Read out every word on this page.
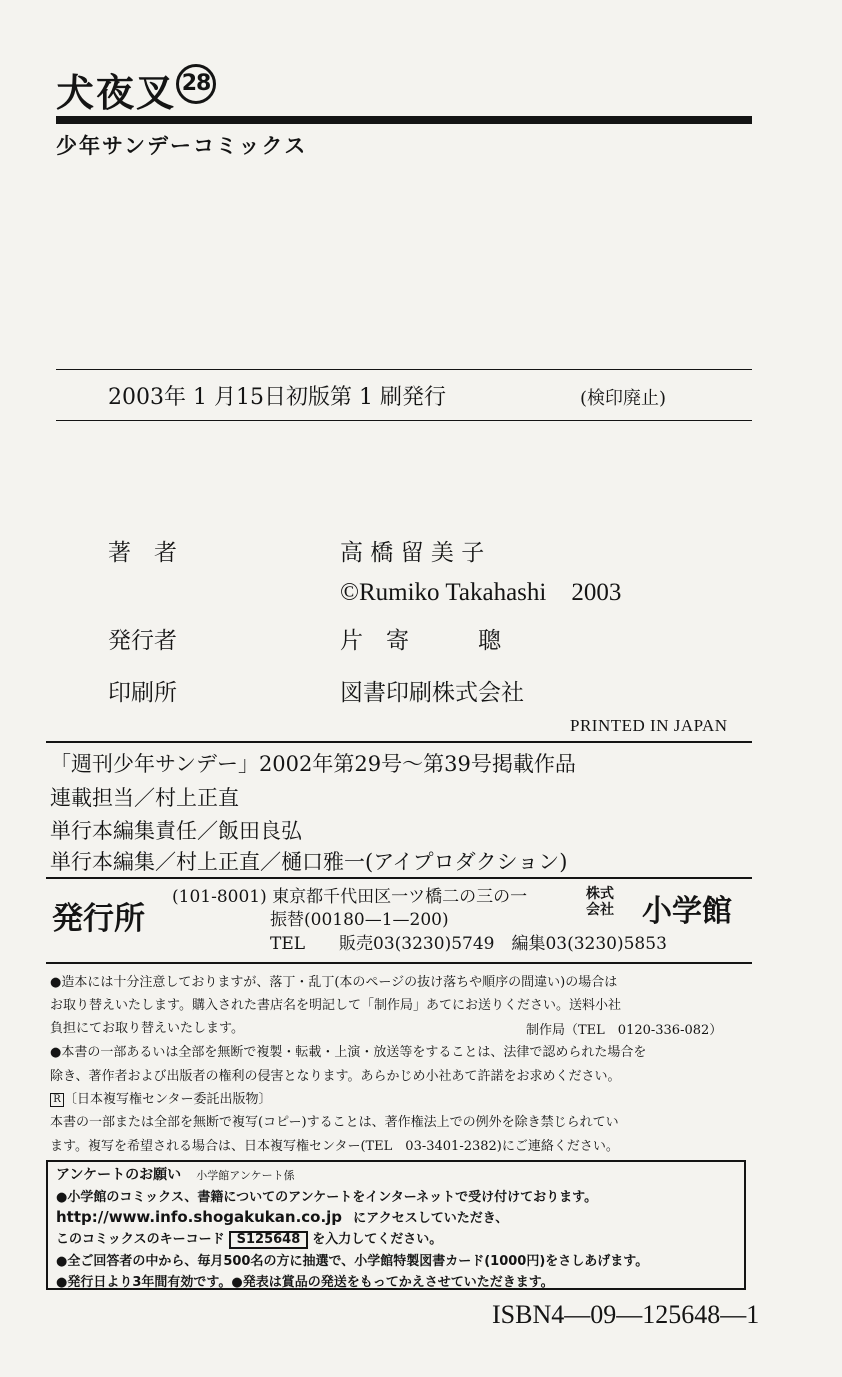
犬夜叉 28
少年サンデーコミックス
2003年 1 月15日初版第 1 刷発行	(検印廃止)
著　者	高 橋 留 美 子
©Rumiko Takahashi　2003
発行者	片　寄　　　聰
印刷所	図書印刷株式会社
PRINTED IN JAPAN
「週刊少年サンデー」2002年第29号～第39号掲載作品
連載担当／村上正直
単行本編集責任／飯田良弘
単行本編集／村上正直／樋口雅一(アイプロダクション)
発行所
(101-8001) 東京都千代田区一ツ橋二の三の一
振替(00180—1—200)
TEL　　販売03(3230)5749　編集03(3230)5853
株式
会社 小学館
●造本には十分注意しておりますが、落丁・乱丁(本のページの抜け落ちや順序の間違い)の場合は
お取り替えいたします。購入された書店名を明記して「制作局」あてにお送りください。送料小社
負担にてお取り替えいたします。	制作局（TEL　0120-336-082）
●本書の一部あるいは全部を無断で複製・転載・上演・放送等をすることは、法律で認められた場合を
除き、著作者および出版者の権利の侵害となります。あらかじめ小社あて許諾をお求めください。
R 〔日本複写権センター委託出版物〕
本書の一部または全部を無断で複写(コピー)することは、著作権法上での例外を除き禁じられてい
ます。複写を希望される場合は、日本複写権センター(TEL　03-3401-2382)にご連絡ください。
アンケートのお願い 小学館アンケート係
●小学館のコミックス、書籍についてのアンケートをインターネットで受け付けております。
http://www.info.shogakukan.co.jp にアクセスしていただき、
このコミックスのキーコード S125648 を入力してください。
●全ご回答者の中から、毎月500名の方に抽選で、小学館特製図書カード(1000円)をさしあげます。
●発行日より3年間有効です。●発表は賞品の発送をもってかえさせていただきます。
ISBN4—09—125648—1
